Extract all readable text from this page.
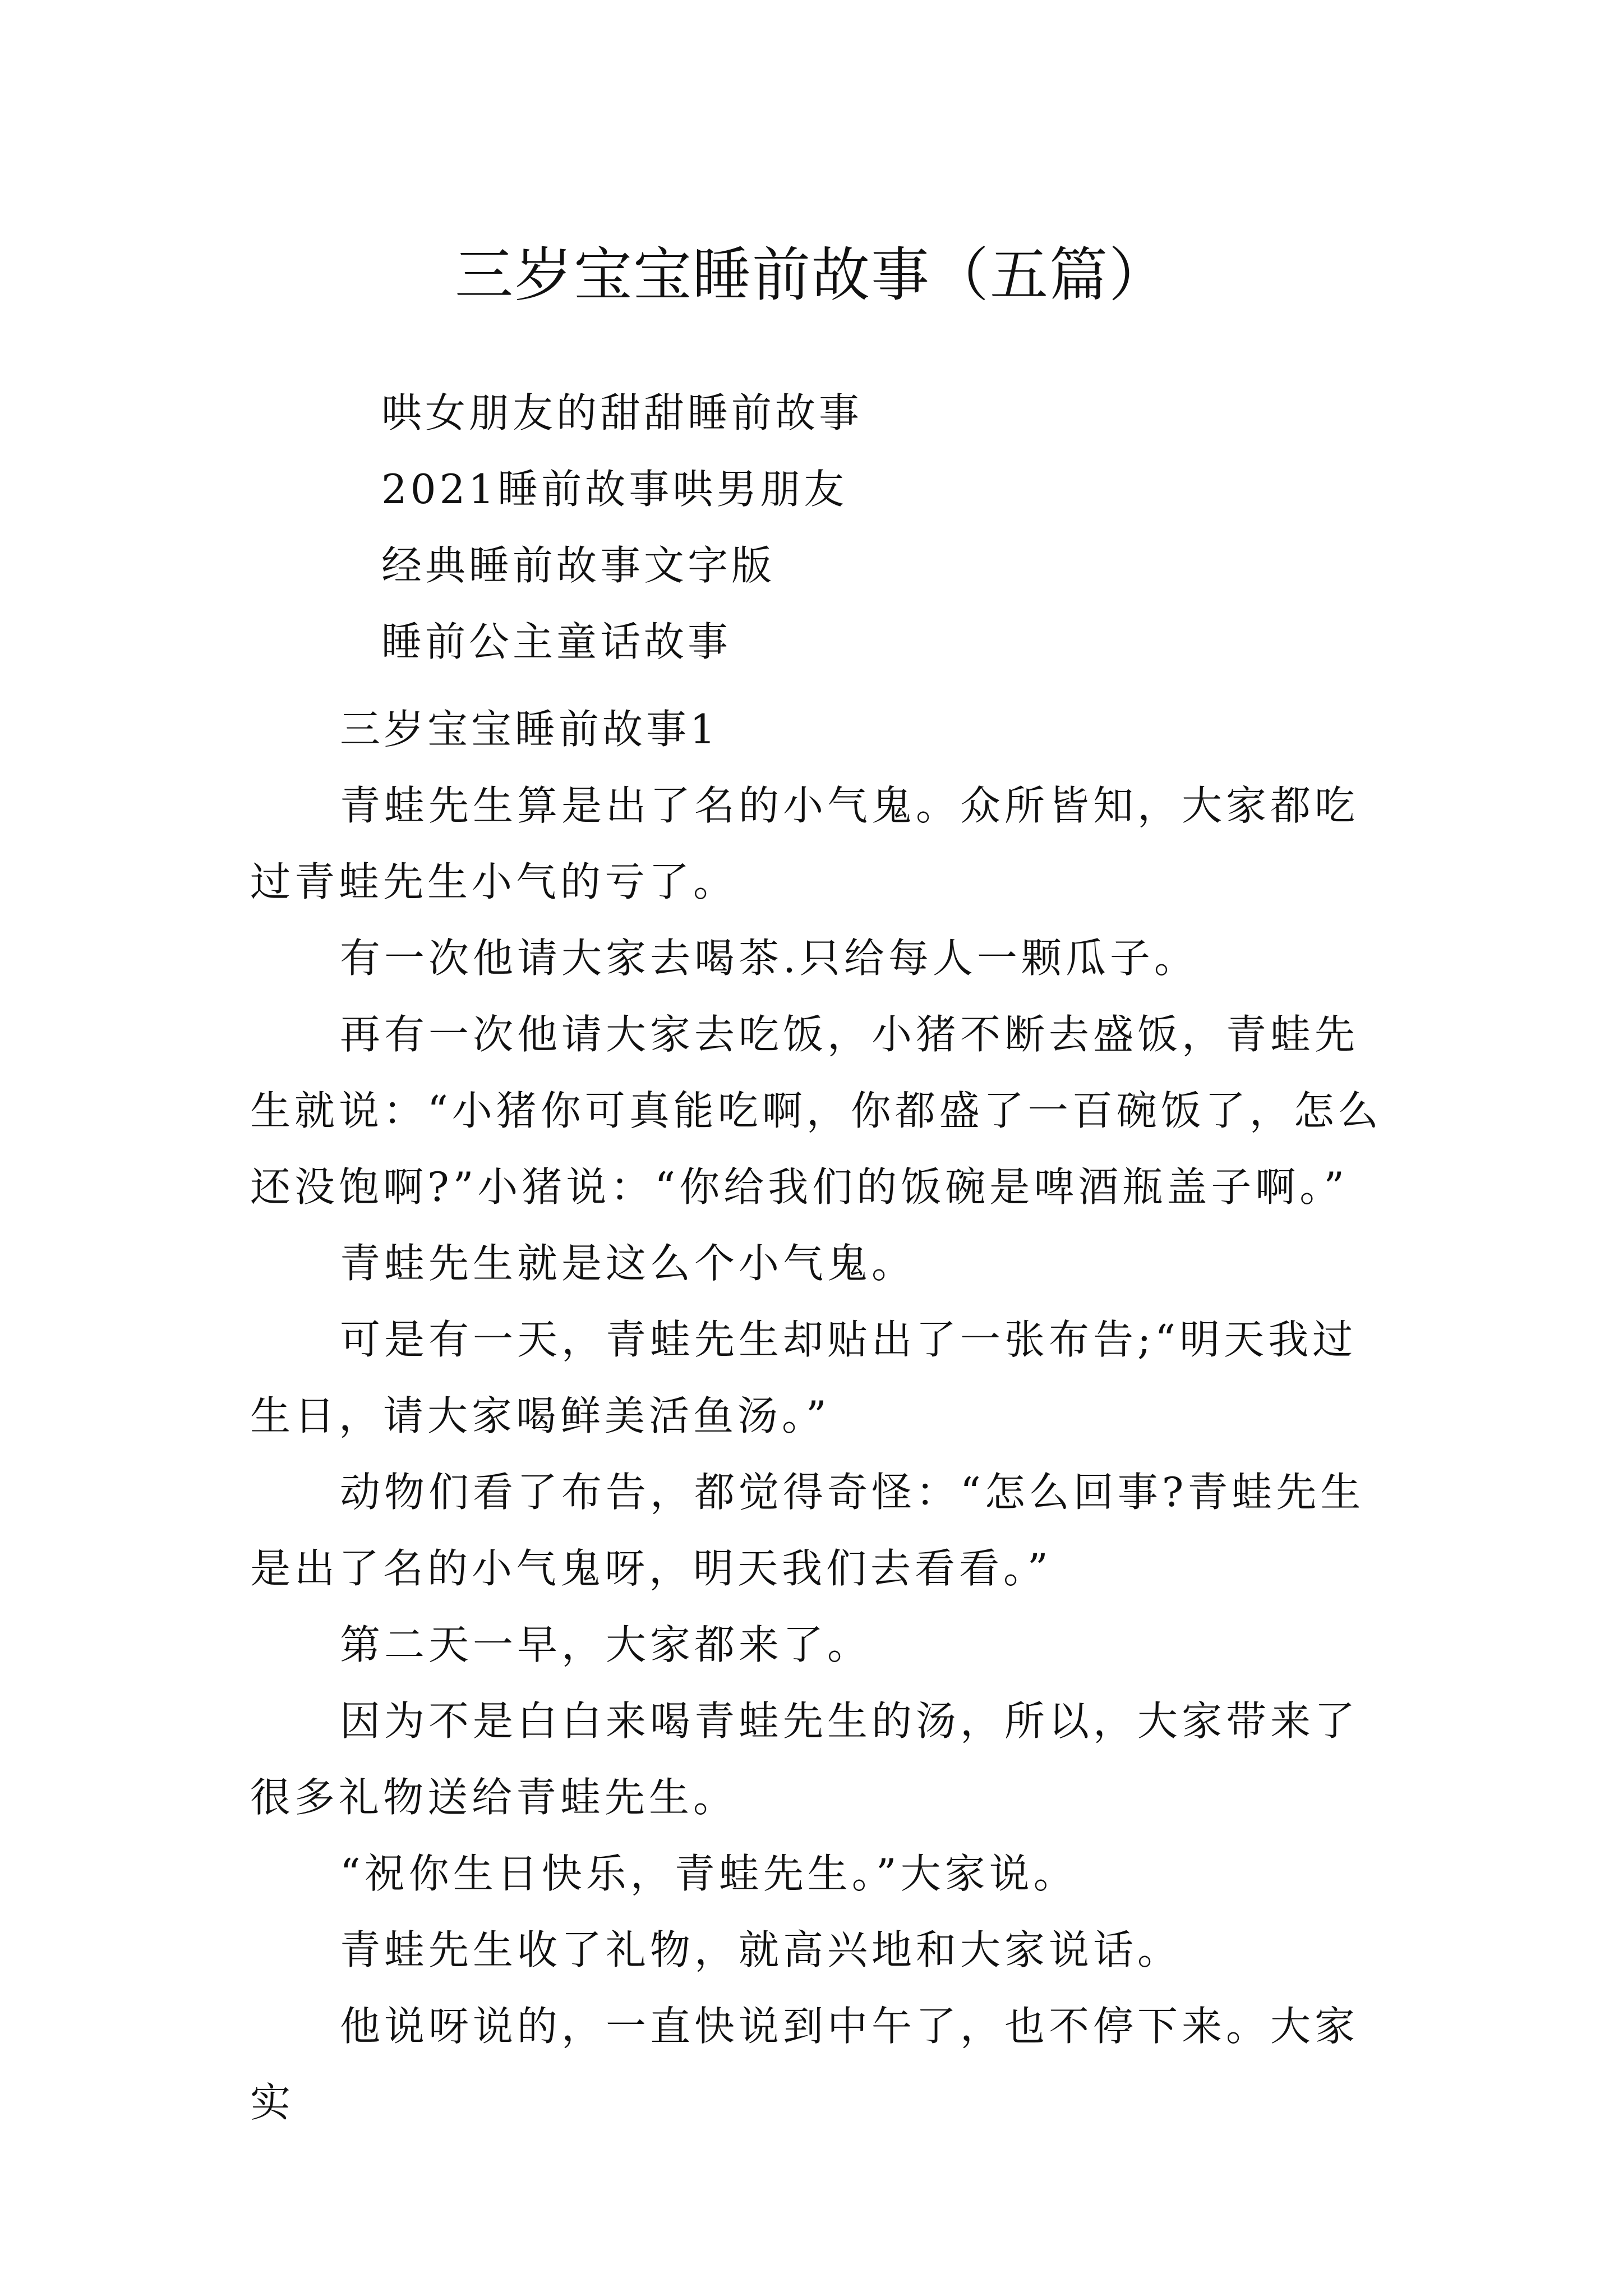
三岁宝宝睡前故事（五篇）
哄女朋友的甜甜睡前故事
2021睡前故事哄男朋友
经典睡前故事文字版
睡前公主童话故事
三岁宝宝睡前故事1

青蛙先生算是出了名的小气鬼。众所皆知，大家都吃过青蛙先生小气的亏了。

有一次他请大家去喝茶.只给每人一颗瓜子。

再有一次他请大家去吃饭，小猪不断去盛饭，青蛙先生就说：“小猪你可真能吃啊，你都盛了一百碗饭了，怎么还没饱啊?”小猪说：“你给我们的饭碗是啤酒瓶盖子啊。”

青蛙先生就是这么个小气鬼。

可是有一天，青蛙先生却贴出了一张布告;“明天我过生日，请大家喝鲜美活鱼汤。”

动物们看了布告，都觉得奇怪：“怎么回事?青蛙先生是出了名的小气鬼呀，明天我们去看看。”

第二天一早，大家都来了。

因为不是白白来喝青蛙先生的汤，所以，大家带来了很多礼物送给青蛙先生。

“祝你生日快乐，青蛙先生。”大家说。

青蛙先生收了礼物，就高兴地和大家说话。

他说呀说的，一直快说到中午了，也不停下来。大家实
